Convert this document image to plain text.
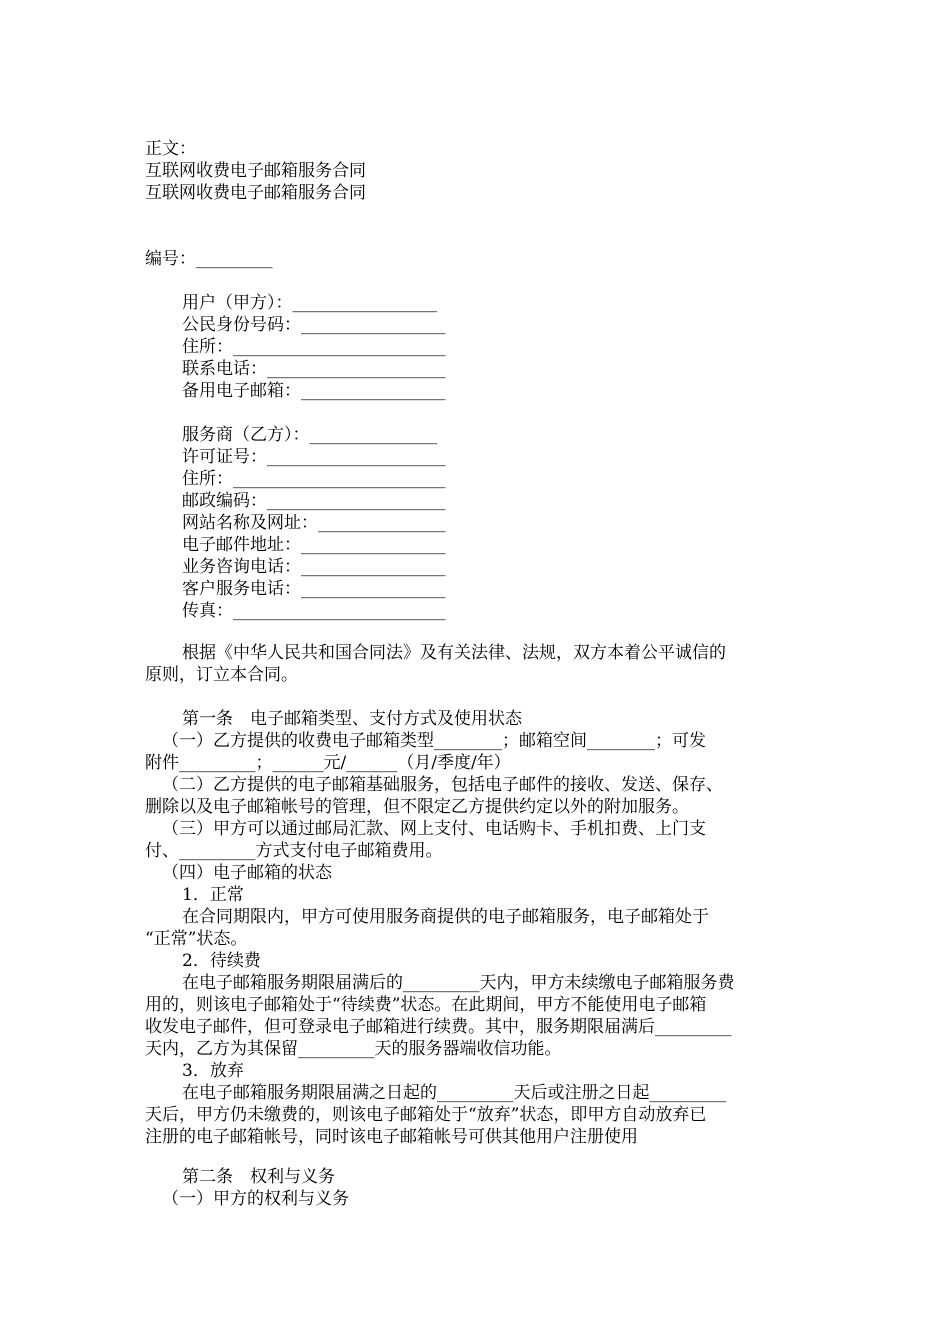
正文：
互联网收费电子邮箱服务合同
互联网收费电子邮箱服务合同
编号：_________
用户（甲方）：_________________
公民身份号码：_________________
住所：_________________________
联系电话：_____________________
备用电子邮箱：_________________
服务商（乙方）：_______________
许可证号：_____________________
住所：_________________________
邮政编码：_____________________
网站名称及网址：_______________
电子邮件地址：_________________
业务咨询电话：_________________
客户服务电话：_________________
传真：_________________________
根据《中华人民共和国合同法》及有关法律、法规，双方本着公平诚信的
原则，订立本合同。
第一条　电子邮箱类型、支付方式及使用状态
（一）乙方提供的收费电子邮箱类型________；邮箱空间________；可发
附件_________；______元/______（月/季度/年）
（二）乙方提供的电子邮箱基础服务，包括电子邮件的接收、发送、保存、
删除以及电子邮箱帐号的管理，但不限定乙方提供约定以外的附加服务。
（三）甲方可以通过邮局汇款、网上支付、电话购卡、手机扣费、上门支
付、_________方式支付电子邮箱费用。
（四）电子邮箱的状态
1．正常
在合同期限内，甲方可使用服务商提供的电子邮箱服务，电子邮箱处于
“正常”状态。
2．待续费
在电子邮箱服务期限届满后的_________天内，甲方未续缴电子邮箱服务费
用的，则该电子邮箱处于“待续费”状态。在此期间，甲方不能使用电子邮箱
收发电子邮件，但可登录电子邮箱进行续费。其中，服务期限届满后_________
天内，乙方为其保留_________天的服务器端收信功能。
3．放弃
在电子邮箱服务期限届满之日起的_________天后或注册之日起_________
天后，甲方仍未缴费的，则该电子邮箱处于“放弃”状态，即甲方自动放弃已
注册的电子邮箱帐号，同时该电子邮箱帐号可供其他用户注册使用
第二条　权利与义务
（一）甲方的权利与义务
